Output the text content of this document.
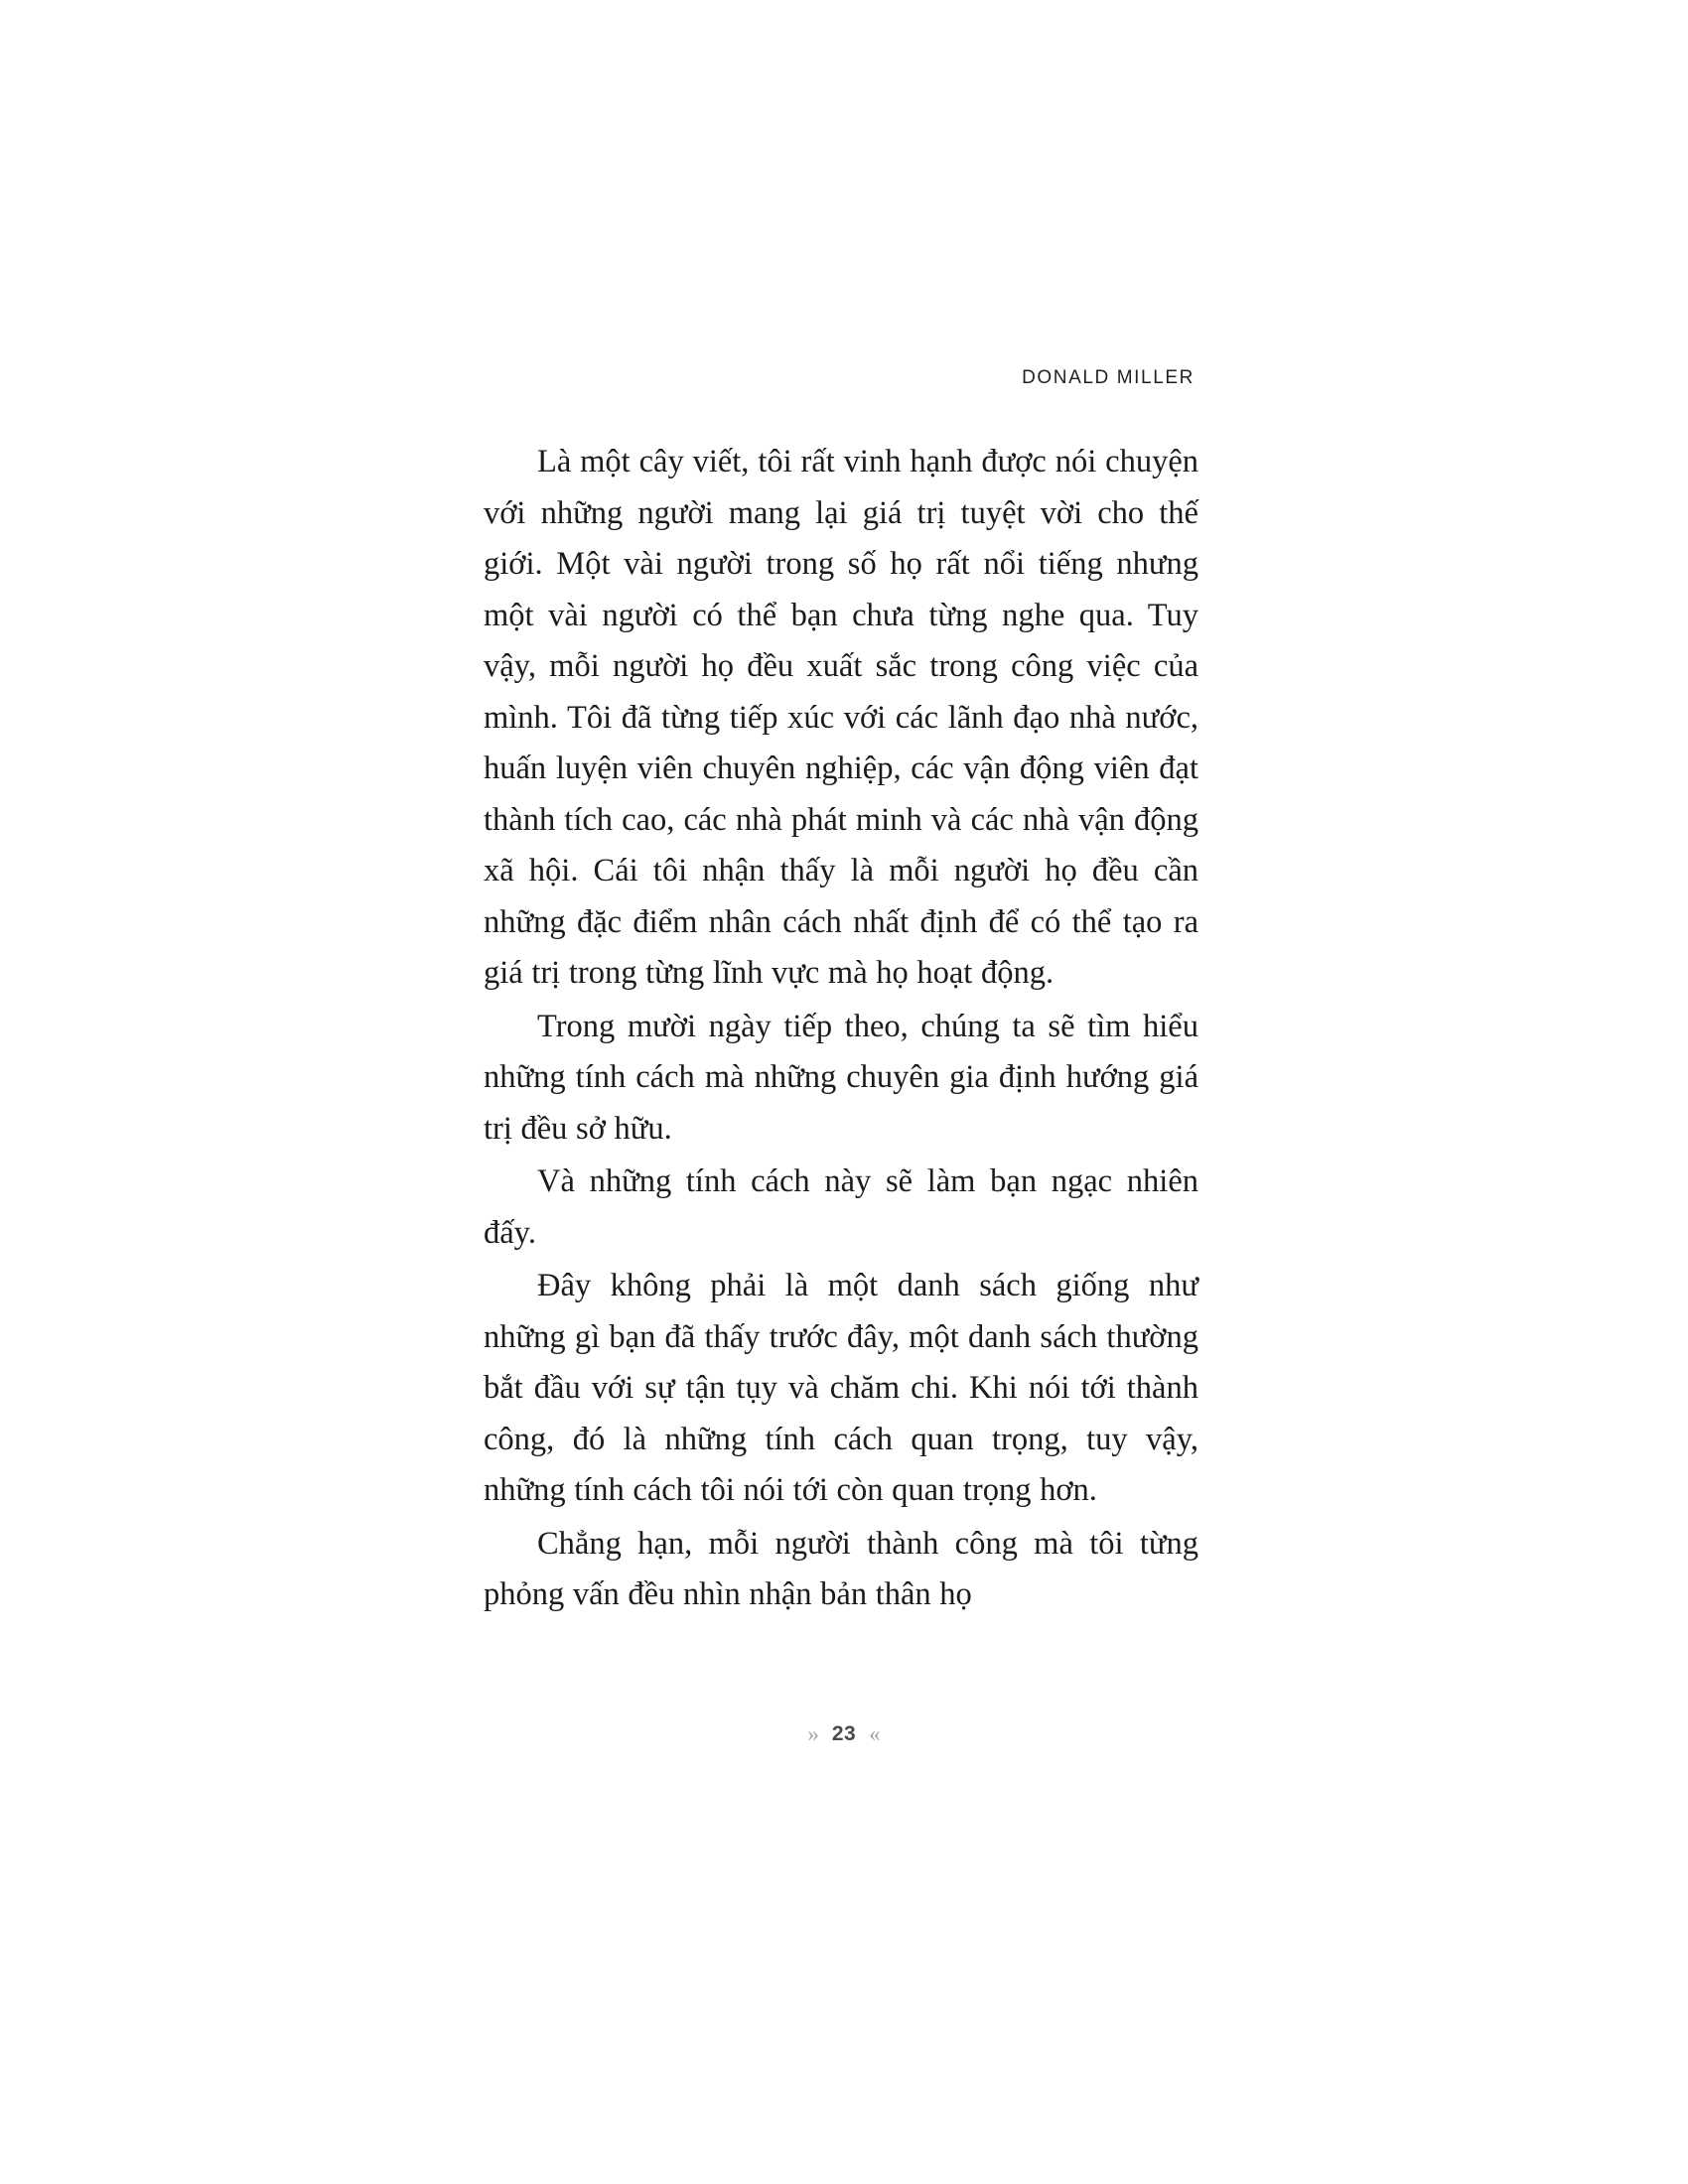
DONALD MILLER

Là một cây viết, tôi rất vinh hạnh được nói chuyện với những người mang lại giá trị tuyệt vời cho thế giới. Một vài người trong số họ rất nổi tiếng nhưng một vài người có thể bạn chưa từng nghe qua. Tuy vậy, mỗi người họ đều xuất sắc trong công việc của mình. Tôi đã từng tiếp xúc với các lãnh đạo nhà nước, huấn luyện viên chuyên nghiệp, các vận động viên đạt thành tích cao, các nhà phát minh và các nhà vận động xã hội. Cái tôi nhận thấy là mỗi người họ đều cần những đặc điểm nhân cách nhất định để có thể tạo ra giá trị trong từng lĩnh vực mà họ hoạt động.

Trong mười ngày tiếp theo, chúng ta sẽ tìm hiểu những tính cách mà những chuyên gia định hướng giá trị đều sở hữu.

Và những tính cách này sẽ làm bạn ngạc nhiên đấy.

Đây không phải là một danh sách giống như những gì bạn đã thấy trước đây, một danh sách thường bắt đầu với sự tận tụy và chăm chi. Khi nói tới thành công, đó là những tính cách quan trọng, tuy vậy, những tính cách tôi nói tới còn quan trọng hơn.

Chẳng hạn, mỗi người thành công mà tôi từng phỏng vấn đều nhìn nhận bản thân họ

» 23 «
